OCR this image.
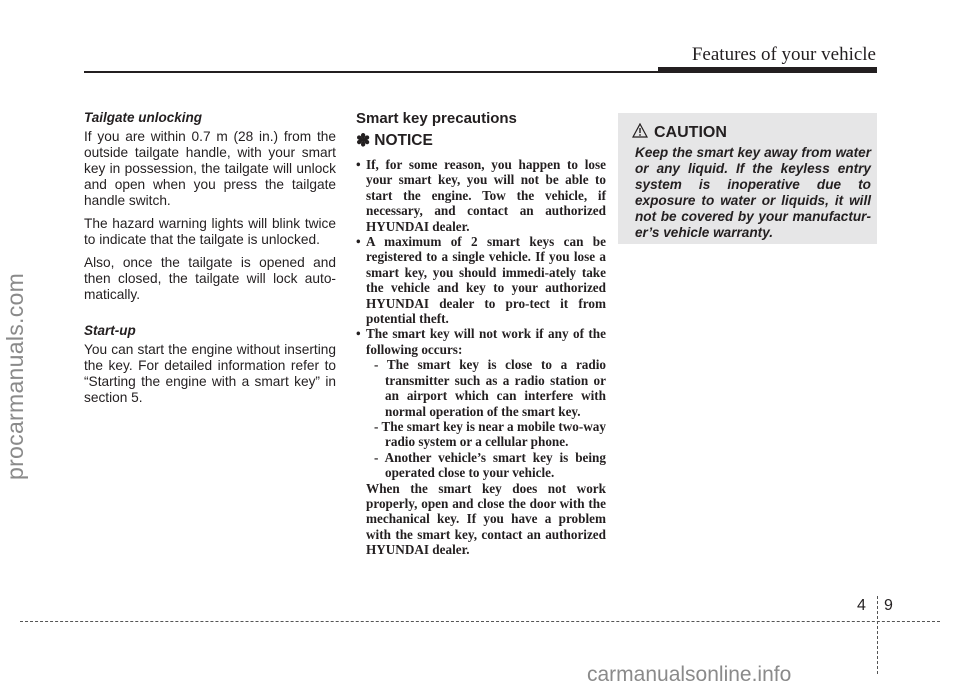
Features of your vehicle
procarmanuals.com

Tailgate unlocking

If you are within 0.7 m (28 in.) from the outside tailgate handle, with your smart key in possession, the tailgate will unlock and open when you press the tailgate handle switch.

The hazard warning lights will blink twice to indicate that the tailgate is unlocked.

Also, once the tailgate is opened and then closed, the tailgate will lock auto-matically.

Start-up

You can start the engine without inserting the key. For detailed information refer to “Starting the engine with a smart key” in section 5.

Smart key precautions

✽ NOTICE
• If, for some reason, you happen to lose your smart key, you will not be able to start the engine. Tow the vehicle, if necessary, and contact an authorized HYUNDAI dealer.
• A maximum of 2 smart keys can be registered to a single vehicle. If you lose a smart key, you should immedi-ately take the vehicle and key to your authorized HYUNDAI dealer to pro-tect it from potential theft.
• The smart key will not work if any of the following occurs:
- The smart key is close to a radio transmitter such as a radio station or an airport which can interfere with normal operation of the smart key.
- The smart key is near a mobile two-way radio system or a cellular phone.
- Another vehicle’s smart key is being operated close to your vehicle.
When the smart key does not work properly, open and close the door with the mechanical key. If you have a problem with the smart key, contact an authorized HYUNDAI dealer.
CAUTION
Keep the smart key away from water or any liquid. If the keyless entry system is inoperative due to exposure to water or liquids, it will not be covered by your manufactur-er’s vehicle warranty.
4 9
carmanualsonline.info
